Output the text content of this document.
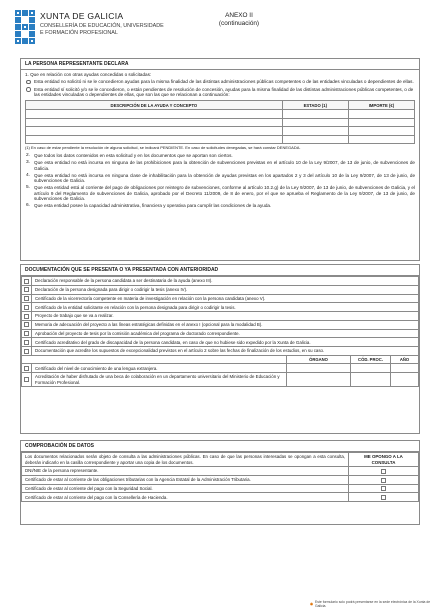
XUNTA DE GALICIA
CONSELLERÍA DE EDUCACIÓN, UNIVERSIDADE
E FORMACIÓN PROFESIONAL
ANEXO II
(continuación)
LA PERSONA REPRESENTANTE DECLARA
1. Que en relación con otras ayudas concedidas o solicitadas:
Esta entidad no solicitó ni se le concedieron ayudas para la misma finalidad de las distintas administraciones públicas competentes o de las entidades vinculadas o dependientes de ellas.
Esta entidad sí solicitó y/o se le concedieron, o están pendientes de resolución de concesión, ayudas para la misma finalidad de las distintas administraciones públicas competentes, o de las entidades vinculadas o dependientes de ellas, que son las que se relacionan a continuación:
DESCRIPCIÓN DE LA AYUDA Y CONCEPTO	ESTADO (1)	IMPORTE (€)

(1) En caso de estar pendiente la resolución de alguna solicitud, se indicará PENDIENTE. En caso de solicitudes denegadas, se hará constar DENEGADA.
2. Que todos los datos contenidos en esta solicitud y en los documentos que se aportan son ciertos.
3. Que esta entidad no está incursa en ninguna de las prohibiciones para la obtención de subvenciones previstas en el artículo 10 de la Ley 9/2007, de 13 de junio, de subvenciones de Galicia.
4. Que esta entidad no está incursa en ninguna clase de inhabilitación para la obtención de ayudas previstas en los apartados 2 y 3 del artículo 10 de la Ley 9/2007, de 13 de junio, de subvenciones de Galicia.
5. Que esta entidad está al corriente del pago de obligaciones por reintegro de subvenciones, conforme al artículo 10.2.g) de la Ley 9/2007, de 13 de junio, de subvenciones de Galicia, y el artículo 9 del Reglamento de subvenciones de Galicia, aprobado por el Decreto 11/2009, de 8 de enero, por el que se aprueba el Reglamento de la Ley 9/2007, de 13 de junio, de subvenciones de Galicia.
6. Que esta entidad posee la capacidad administrativa, financiera y operativa para cumplir las condiciones de la ayuda.
DOCUMENTACIÓN QUE SE PRESENTA O YA PRESENTADA CON ANTERIORIDAD
	Declaración responsable de la persona candidata a ser destinataria de la ayuda (anexo III).			
	Declaración de la persona designada para dirigir o codirigir la tesis (anexo IV).			
	Certificado de la vicerrectoría competente en materia de investigación en relación con la persona candidata (anexo V).			
	Certificado de la entidad solicitante en relación con la persona designada para dirigir o codirigir la tesis.			
	Proyecto de trabajo que se va a realizar.			
	Memoria de adecuación del proyecto a las líneas estratégicas definidas en el anexo I (opcional para la modalidad B).			
	Aprobación del proyecto de tesis por la comisión académica del programa de doctorado correspondiente.			
	Certificado acreditativo del grado de discapacidad de la persona candidata, en caso de que no hubiese sido expedido por la Xunta de Galicia.			
	Documentación que acredite los supuestos de excepcionalidad previstos en el artículo 2 sobre las fechas de finalización de los estudios, en su caso.			
		ÓRGANO	CÓD. PROC.	AÑO
	Certificado del nivel de conocimiento de una lengua extranjera.			
	Acreditación de haber disfrutado de una beca de colaboración en un departamento universitario del Ministerio de Educación y Formación Profesional.			
COMPROBACIÓN DE DATOS
Los documentos relacionados serán objeto de consulta a las administraciones públicas. En caso de que las personas interesadas se opongan a esta consulta, deberán indicarlo en la casilla correspondiente y aportar una copia de los documentos.	ME OPONGO A LA CONSULTA
DNI/NIE de la persona representante.	
Certificado de estar al corriente de las obligaciones tributarias con la Agencia Estatal de la Administración Tributaria.	
Certificado de estar al corriente del pago con la Seguridad Social.	
Certificado de estar al corriente del pago con la Consellería de Hacienda.	
◉
Este formulario solo podrá presentarse en la sede electrónica de la Xunta de Galicia.
